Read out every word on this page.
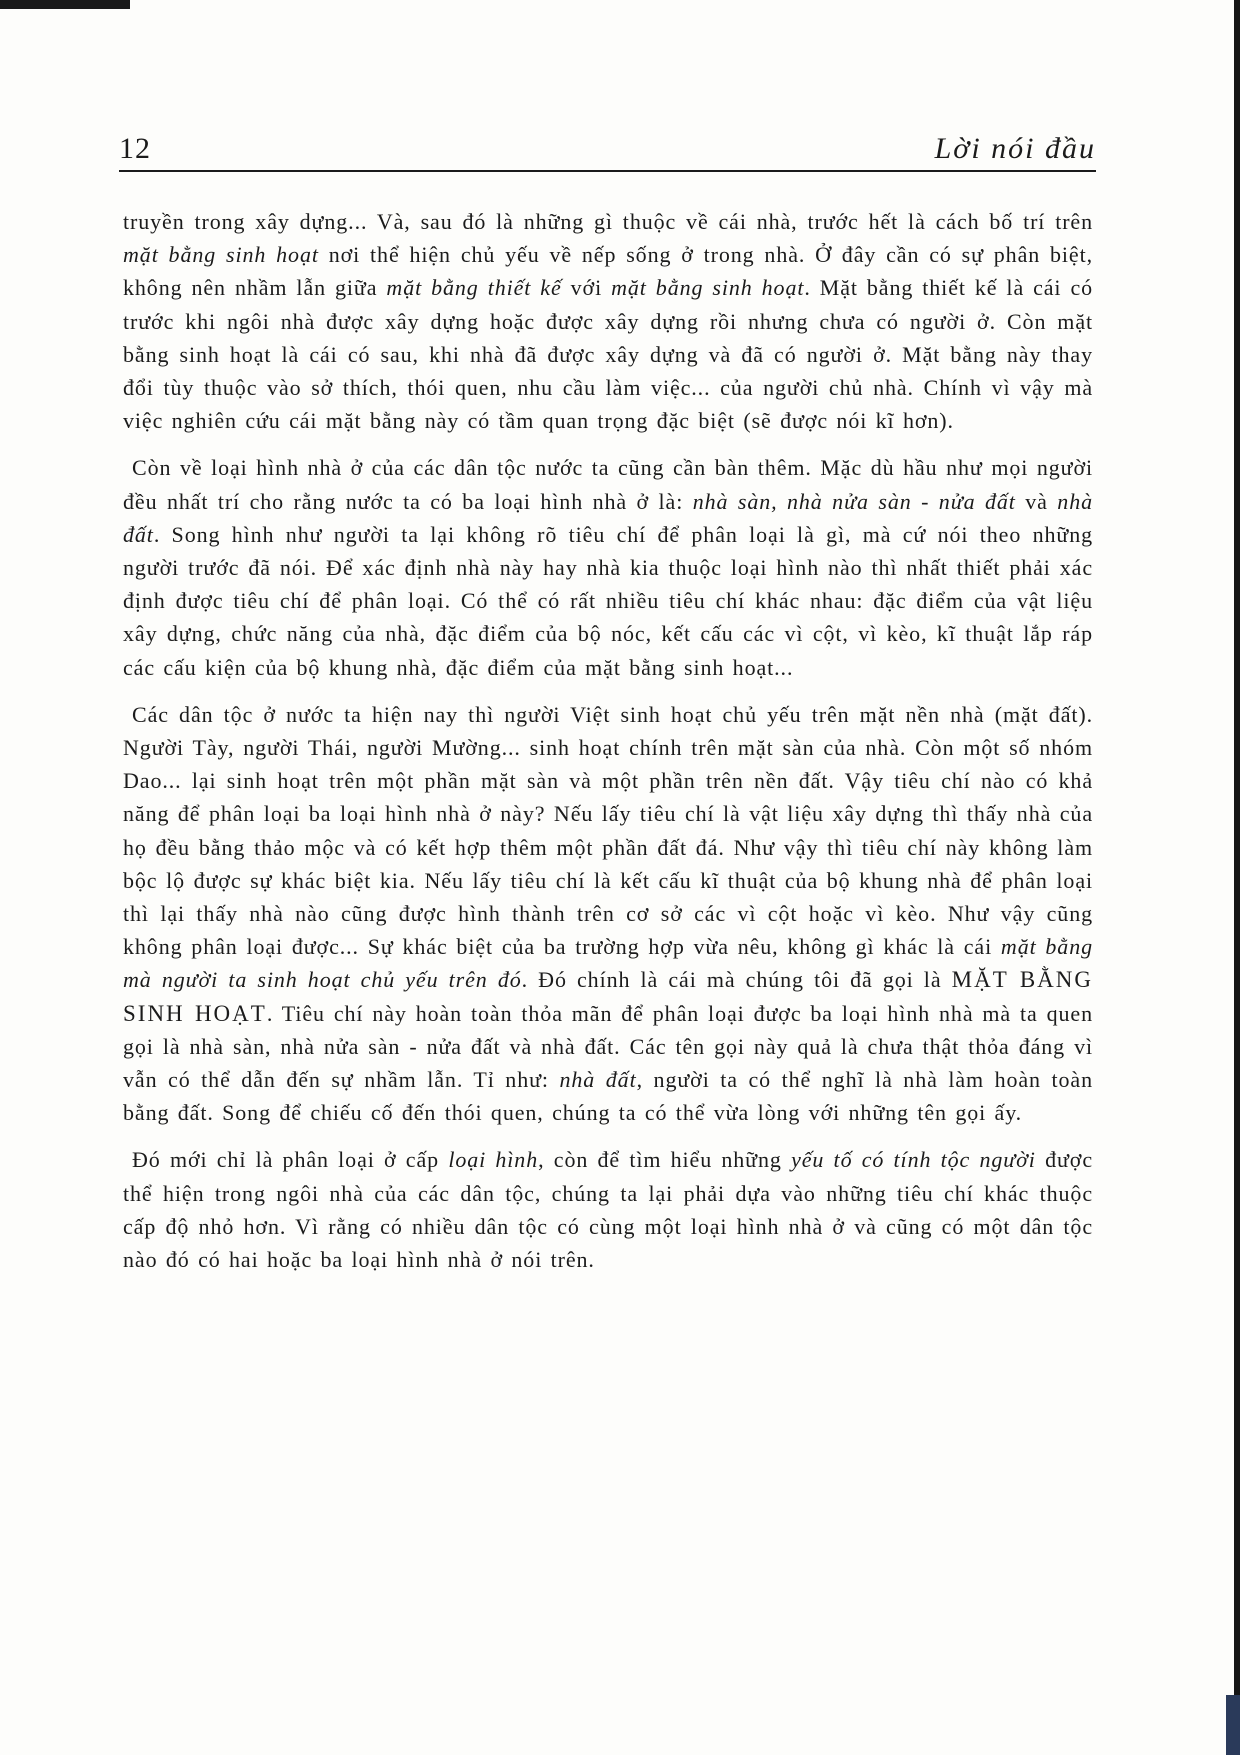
12	Lời nói đầu

truyền trong xây dựng... Và, sau đó là những gì thuộc về cái nhà, trước hết là cách bố trí trên mặt bằng sinh hoạt nơi thể hiện chủ yếu về nếp sống ở trong nhà. Ở đây cần có sự phân biệt, không nên nhầm lẫn giữa mặt bằng thiết kế với mặt bằng sinh hoạt. Mặt bằng thiết kế là cái có trước khi ngôi nhà được xây dựng hoặc được xây dựng rồi nhưng chưa có người ở. Còn mặt bằng sinh hoạt là cái có sau, khi nhà đã được xây dựng và đã có người ở. Mặt bằng này thay đổi tùy thuộc vào sở thích, thói quen, nhu cầu làm việc... của người chủ nhà. Chính vì vậy mà việc nghiên cứu cái mặt bằng này có tầm quan trọng đặc biệt (sẽ được nói kĩ hơn).

Còn về loại hình nhà ở của các dân tộc nước ta cũng cần bàn thêm. Mặc dù hầu như mọi người đều nhất trí cho rằng nước ta có ba loại hình nhà ở là: nhà sàn, nhà nửa sàn - nửa đất và nhà đất. Song hình như người ta lại không rõ tiêu chí để phân loại là gì, mà cứ nói theo những người trước đã nói. Để xác định nhà này hay nhà kia thuộc loại hình nào thì nhất thiết phải xác định được tiêu chí để phân loại. Có thể có rất nhiều tiêu chí khác nhau: đặc điểm của vật liệu xây dựng, chức năng của nhà, đặc điểm của bộ nóc, kết cấu các vì cột, vì kèo, kĩ thuật lắp ráp các cấu kiện của bộ khung nhà, đặc điểm của mặt bằng sinh hoạt...

Các dân tộc ở nước ta hiện nay thì người Việt sinh hoạt chủ yếu trên mặt nền nhà (mặt đất). Người Tày, người Thái, người Mường... sinh hoạt chính trên mặt sàn của nhà. Còn một số nhóm Dao... lại sinh hoạt trên một phần mặt sàn và một phần trên nền đất. Vậy tiêu chí nào có khả năng để phân loại ba loại hình nhà ở này? Nếu lấy tiêu chí là vật liệu xây dựng thì thấy nhà của họ đều bằng thảo mộc và có kết hợp thêm một phần đất đá. Như vậy thì tiêu chí này không làm bộc lộ được sự khác biệt kia. Nếu lấy tiêu chí là kết cấu kĩ thuật của bộ khung nhà để phân loại thì lại thấy nhà nào cũng được hình thành trên cơ sở các vì cột hoặc vì kèo. Như vậy cũng không phân loại được... Sự khác biệt của ba trường hợp vừa nêu, không gì khác là cái mặt bằng mà người ta sinh hoạt chủ yếu trên đó. Đó chính là cái mà chúng tôi đã gọi là MẶT BẰNG SINH HOẠT. Tiêu chí này hoàn toàn thỏa mãn để phân loại được ba loại hình nhà mà ta quen gọi là nhà sàn, nhà nửa sàn - nửa đất và nhà đất. Các tên gọi này quả là chưa thật thỏa đáng vì vẫn có thể dẫn đến sự nhầm lẫn. Tỉ như: nhà đất, người ta có thể nghĩ là nhà làm hoàn toàn bằng đất. Song để chiếu cố đến thói quen, chúng ta có thể vừa lòng với những tên gọi ấy.

Đó mới chỉ là phân loại ở cấp loại hình, còn để tìm hiểu những yếu tố có tính tộc người được thể hiện trong ngôi nhà của các dân tộc, chúng ta lại phải dựa vào những tiêu chí khác thuộc cấp độ nhỏ hơn. Vì rằng có nhiều dân tộc có cùng một loại hình nhà ở và cũng có một dân tộc nào đó có hai hoặc ba loại hình nhà ở nói trên.
